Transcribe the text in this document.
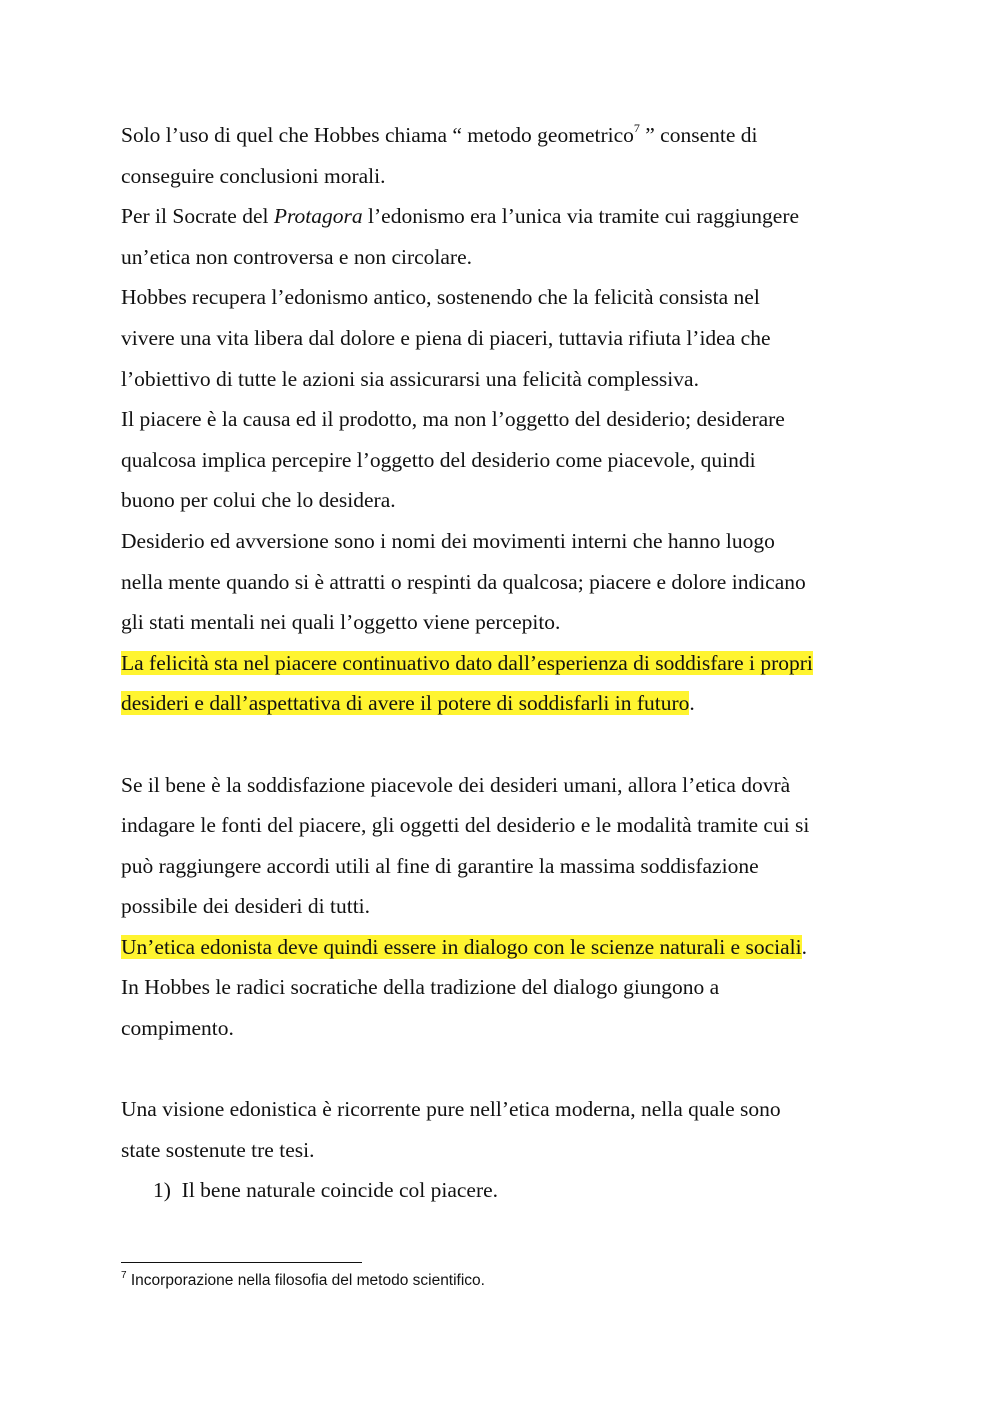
Solo l’uso di quel che Hobbes chiama “ metodo geometrico$^7$ ” consente di
conseguire conclusioni morali.
Per il Socrate del Protagora l’edonismo era l’unica via tramite cui raggiungere
un’etica non controversa e non circolare.
Hobbes recupera l’edonismo antico, sostenendo che la felicità consista nel
vivere una vita libera dal dolore e piena di piaceri, tuttavia rifiuta l’idea che
l’obiettivo di tutte le azioni sia assicurarsi una felicità complessiva.
Il piacere è la causa ed il prodotto, ma non l’oggetto del desiderio; desiderare
qualcosa implica percepire l’oggetto del desiderio come piacevole, quindi
buono per colui che lo desidera.
Desiderio ed avversione sono i nomi dei movimenti interni che hanno luogo
nella mente quando si è attratti o respinti da qualcosa; piacere e dolore indicano
gli stati mentali nei quali l’oggetto viene percepito.
La felicità sta nel piacere continuativo dato dall’esperienza di soddisfare i propri
desideri e dall’aspettativa di avere il potere di soddisfarli in futuro.
Se il bene è la soddisfazione piacevole dei desideri umani, allora l’etica dovrà
indagare le fonti del piacere, gli oggetti del desiderio e le modalità tramite cui si
può raggiungere accordi utili al fine di garantire la massima soddisfazione
possibile dei desideri di tutti.
Un’etica edonista deve quindi essere in dialogo con le scienze naturali e sociali.
In Hobbes le radici socratiche della tradizione del dialogo giungono a
compimento.
Una visione edonistica è ricorrente pure nell’etica moderna, nella quale sono
state sostenute tre tesi.
1) Il bene naturale coincide col piacere.
$^7$ Incorporazione nella filosofia del metodo scientifico.
